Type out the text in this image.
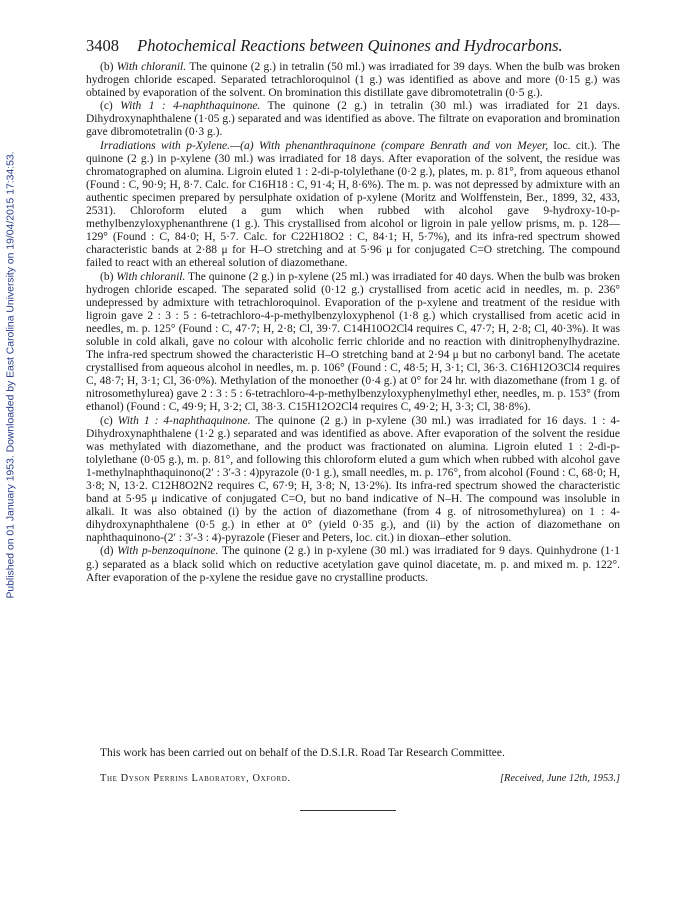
Published on 01 January 1953. Downloaded by East Carolina University on 19/04/2015 17:34:53.
3408 Photochemical Reactions between Quinones and Hydrocarbons.

(b) With chloranil. The quinone (2 g.) in tetralin (50 ml.) was irradiated for 39 days. When the bulb was broken hydrogen chloride escaped. Separated tetrachloroquinol (1 g.) was identified as above and more (0·15 g.) was obtained by evaporation of the solvent. On bromination this distillate gave dibromotetralin (0·5 g.).

(c) With 1 : 4-naphthaquinone. The quinone (2 g.) in tetralin (30 ml.) was irradiated for 21 days. Dihydroxynaphthalene (1·05 g.) separated and was identified as above. The filtrate on evaporation and bromination gave dibromotetralin (0·3 g.).

Irradiations with p-Xylene.—(a) With phenanthraquinone (compare Benrath and von Meyer, loc. cit.). The quinone (2 g.) in p-xylene (30 ml.) was irradiated for 18 days. After evaporation of the solvent, the residue was chromatographed on alumina. Ligroin eluted 1 : 2-di-p-tolylethane (0·2 g.), plates, m. p. 81°, from aqueous ethanol (Found : C, 90·9; H, 8·7. Calc. for C16H18 : C, 91·4; H, 8·6%). The m. p. was not depressed by admixture with an authentic specimen prepared by persulphate oxidation of p-xylene (Moritz and Wolffenstein, Ber., 1899, 32, 433, 2531). Chloroform eluted a gum which when rubbed with alcohol gave 9-hydroxy-10-p-methylbenzyloxyphenanthrene (1 g.). This crystallised from alcohol or ligroin in pale yellow prisms, m. p. 128—129° (Found : C, 84·0; H, 5·7. Calc. for C22H18O2 : C, 84·1; H, 5·7%), and its infra-red spectrum showed characteristic bands at 2·88 μ for H–O stretching and at 5·96 μ for conjugated C=O stretching. The compound failed to react with an ethereal solution of diazomethane.

(b) With chloranil. The quinone (2 g.) in p-xylene (25 ml.) was irradiated for 40 days. When the bulb was broken hydrogen chloride escaped. The separated solid (0·12 g.) crystallised from acetic acid in needles, m. p. 236° undepressed by admixture with tetrachloroquinol. Evaporation of the p-xylene and treatment of the residue with ligroin gave 2 : 3 : 5 : 6-tetrachloro-4-p-methylbenzyloxyphenol (1·8 g.) which crystallised from acetic acid in needles, m. p. 125° (Found : C, 47·7; H, 2·8; Cl, 39·7. C14H10O2Cl4 requires C, 47·7; H, 2·8; Cl, 40·3%). It was soluble in cold alkali, gave no colour with alcoholic ferric chloride and no reaction with dinitrophenylhydrazine. The infra-red spectrum showed the characteristic H–O stretching band at 2·94 μ but no carbonyl band. The acetate crystallised from aqueous alcohol in needles, m. p. 106° (Found : C, 48·5; H, 3·1; Cl, 36·3. C16H12O3Cl4 requires C, 48·7; H, 3·1; Cl, 36·0%). Methylation of the monoether (0·4 g.) at 0° for 24 hr. with diazomethane (from 1 g. of nitrosomethylurea) gave 2 : 3 : 5 : 6-tetrachloro-4-p-methylbenzyloxyphenylmethyl ether, needles, m. p. 153° (from ethanol) (Found : C, 49·9; H, 3·2; Cl, 38·3. C15H12O2Cl4 requires C, 49·2; H, 3·3; Cl, 38·8%).

(c) With 1 : 4-naphthaquinone. The quinone (2 g.) in p-xylene (30 ml.) was irradiated for 16 days. 1 : 4-Dihydroxynaphthalene (1·2 g.) separated and was identified as above. After evaporation of the solvent the residue was methylated with diazomethane, and the product was fractionated on alumina. Ligroin eluted 1 : 2-di-p-tolylethane (0·05 g.), m. p. 81°, and following this chloroform eluted a gum which when rubbed with alcohol gave 1-methylnaphthaquinono(2′ : 3′-3 : 4)pyrazole (0·1 g.), small needles, m. p. 176°, from alcohol (Found : C, 68·0; H, 3·8; N, 13·2. C12H8O2N2 requires C, 67·9; H, 3·8; N, 13·2%). Its infra-red spectrum showed the characteristic band at 5·95 μ indicative of conjugated C=O, but no band indicative of N–H. The compound was insoluble in alkali. It was also obtained (i) by the action of diazomethane (from 4 g. of nitrosomethylurea) on 1 : 4-dihydroxynaphthalene (0·5 g.) in ether at 0° (yield 0·35 g.), and (ii) by the action of diazomethane on naphthaquinono-(2′ : 3′-3 : 4)-pyrazole (Fieser and Peters, loc. cit.) in dioxan–ether solution.

(d) With p-benzoquinone. The quinone (2 g.) in p-xylene (30 ml.) was irradiated for 9 days. Quinhydrone (1·1 g.) separated as a black solid which on reductive acetylation gave quinol diacetate, m. p. and mixed m. p. 122°. After evaporation of the p-xylene the residue gave no crystalline products.

This work has been carried out on behalf of the D.S.I.R. Road Tar Research Committee.
The Dyson Perrins Laboratory, Oxford.	[Received, June 12th, 1953.]
